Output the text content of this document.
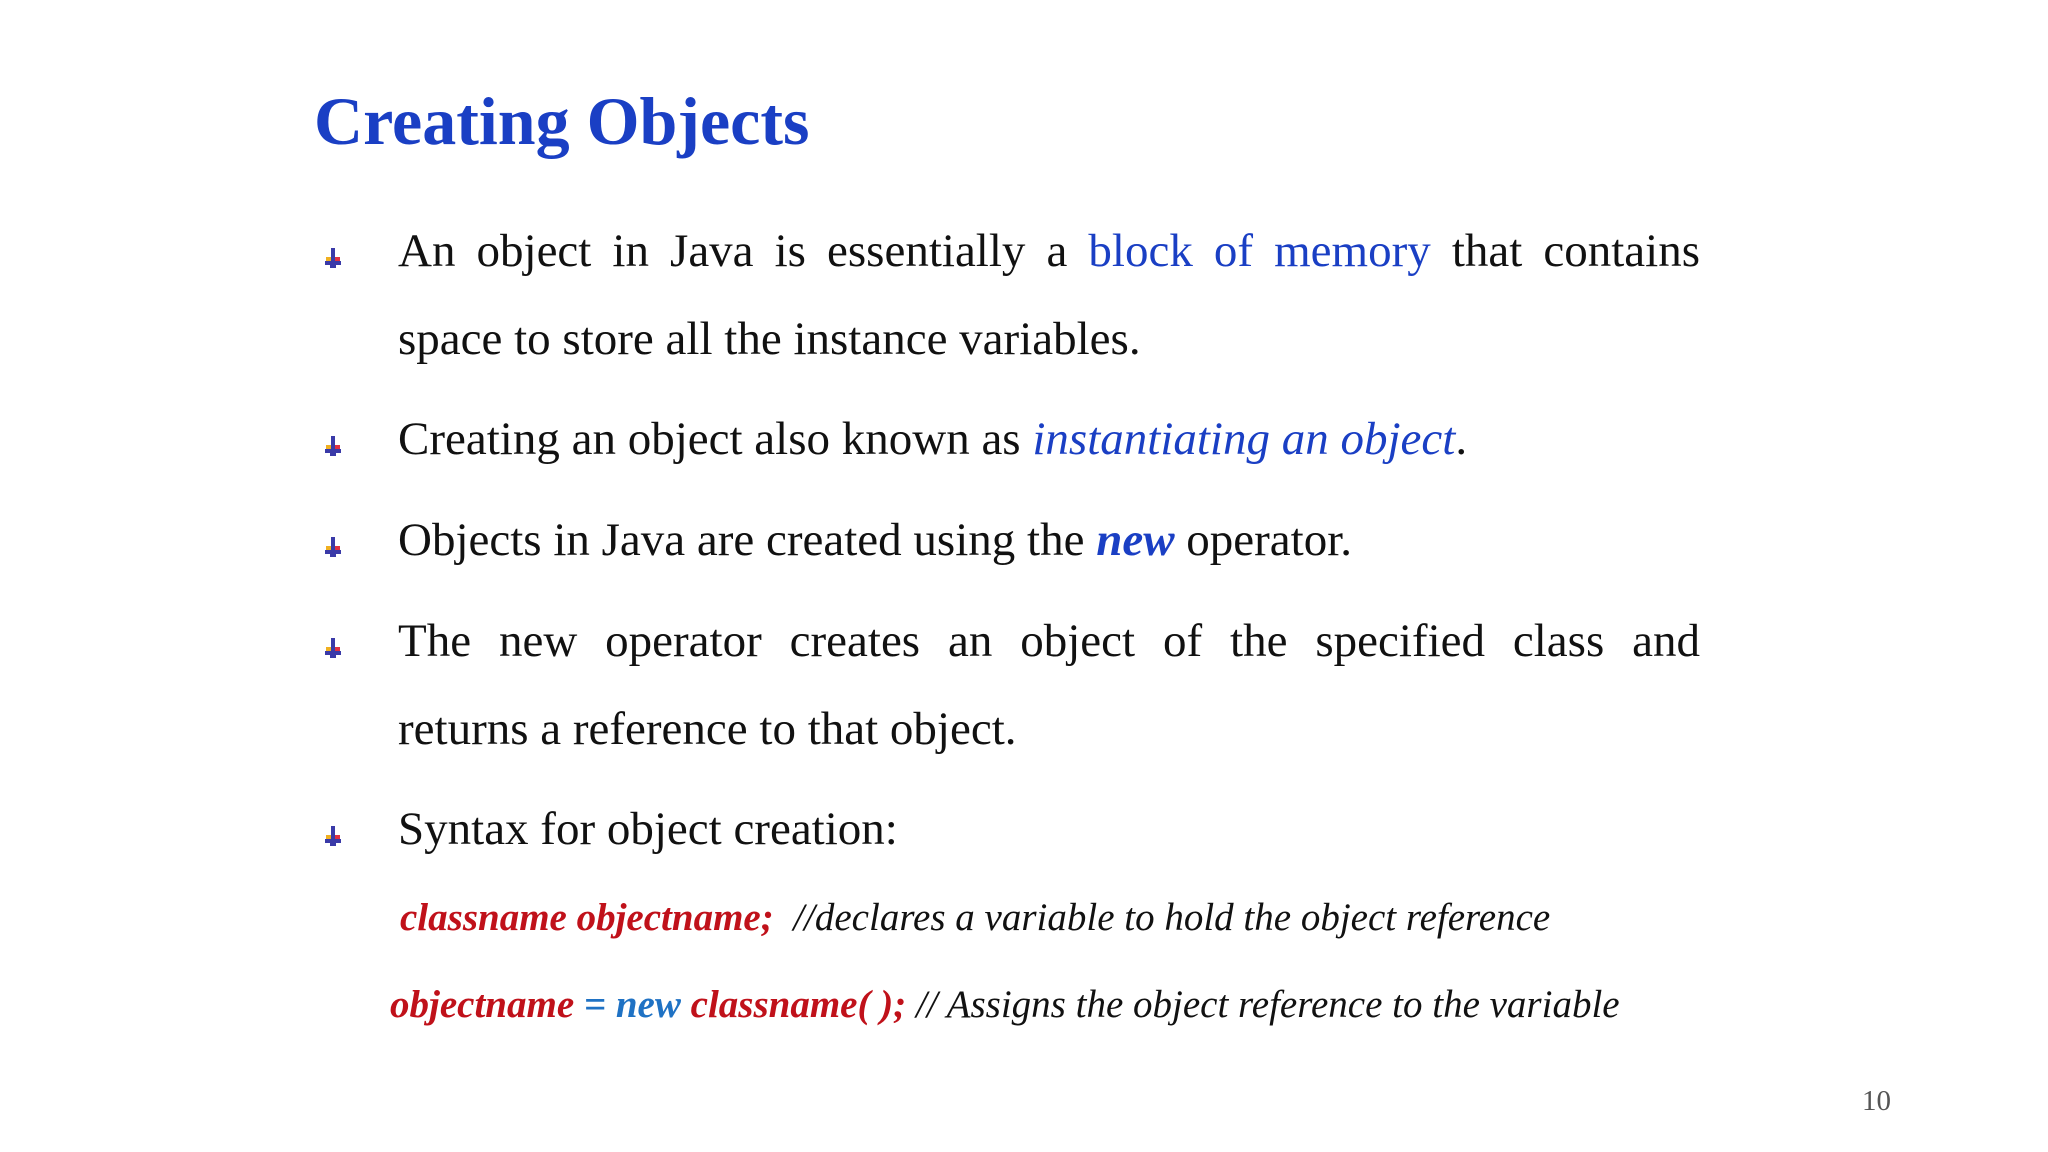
Creating Objects
An object in Java is essentially a block of memory that contains
space to store all the instance variables.
Creating an object also known as instantiating an object.
Objects in Java are created using the new operator.
The new operator creates an object of the specified class and
returns a reference to that object.
Syntax for object creation:
classname objectname; //declares a variable to hold the object reference
objectname = new classname( ); // Assigns the object reference to the variable
10
